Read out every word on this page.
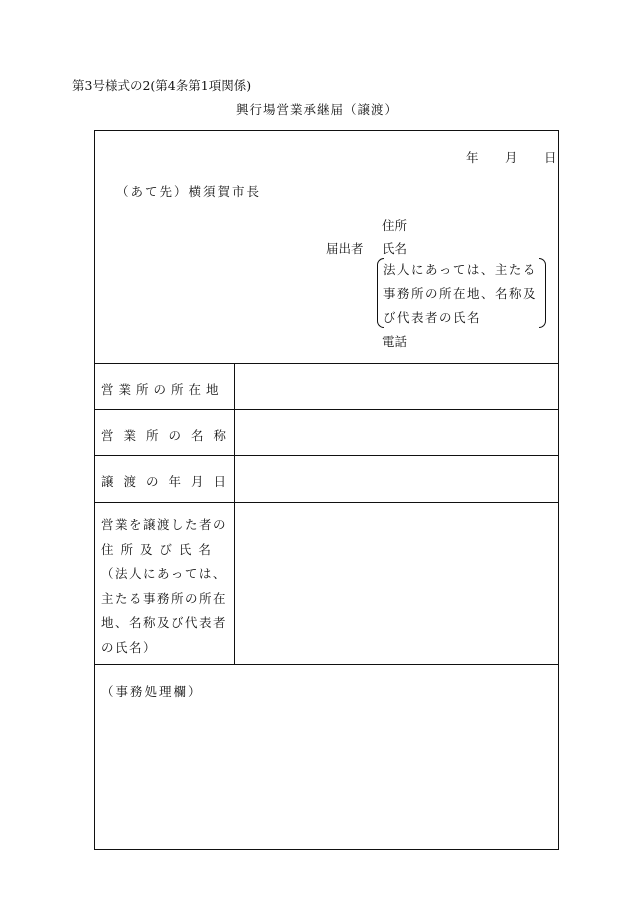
第3号様式の2(第4条第1項関係)
興行場営業承継届（譲渡）
年　月　日
（あて先）横須賀市長
住所
届出者 氏名
法人にあっては、主たる
事務所の所在地、名称及
び代表者の氏名
電話
営業所の所在地
営業所の名称
譲渡の年月日
営業を譲渡した者の
住 所 及 び 氏 名
（法人にあっては、
主たる事務所の所在
地、名称及び代表者
の氏名）
（事務処理欄）
